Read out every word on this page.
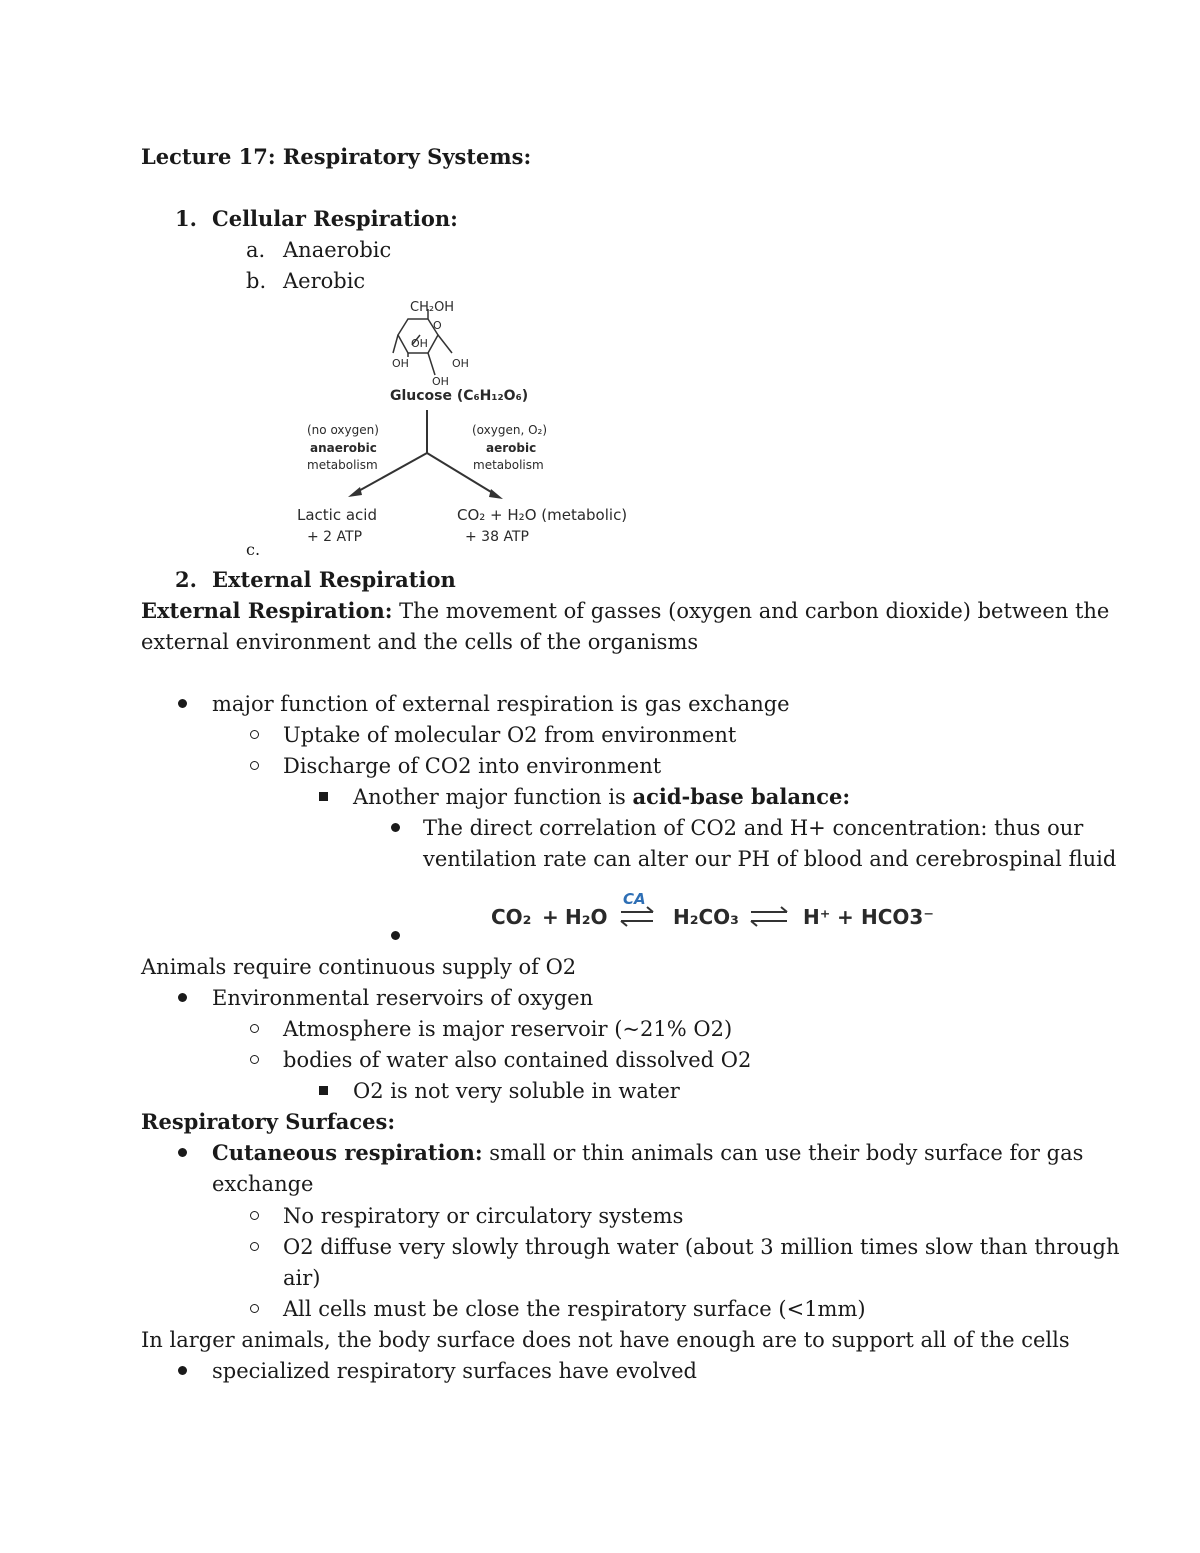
Lecture 17: Respiratory Systems:
1. Cellular Respiration:
a. Anaerobic
b. Aerobic
c.
CH₂OH
O
OH
OH	OH
OH
Glucose (C₆H₁₂O₆)
(no oxygen)
anaerobic
metabolism
(oxygen, O₂)
aerobic
metabolism
Lactic acid
+ 2 ATP
CO₂ + H₂O (metabolic)
+ 38 ATP
2. External Respiration
External Respiration: The movement of gasses (oxygen and carbon dioxide) between the
external environment and the cells of the organisms
major function of external respiration is gas exchange
Uptake of molecular O2 from environment
Discharge of CO2 into environment
Another major function is acid-base balance:
The direct correlation of CO2 and H+ concentration: thus our
ventilation rate can alter our PH of blood and cerebrospinal fluid
CO₂ + H₂O
CA
H₂CO₃	H⁺ + HCO3⁻
Animals require continuous supply of O2
Environmental reservoirs of oxygen
Atmosphere is major reservoir (~21% O2)
bodies of water also contained dissolved O2
O2 is not very soluble in water
Respiratory Surfaces:
Cutaneous respiration: small or thin animals can use their body surface for gas
exchange
No respiratory or circulatory systems
O2 diffuse very slowly through water (about 3 million times slow than through
air)
All cells must be close the respiratory surface (<1mm)
In larger animals, the body surface does not have enough are to support all of the cells
specialized respiratory surfaces have evolved
